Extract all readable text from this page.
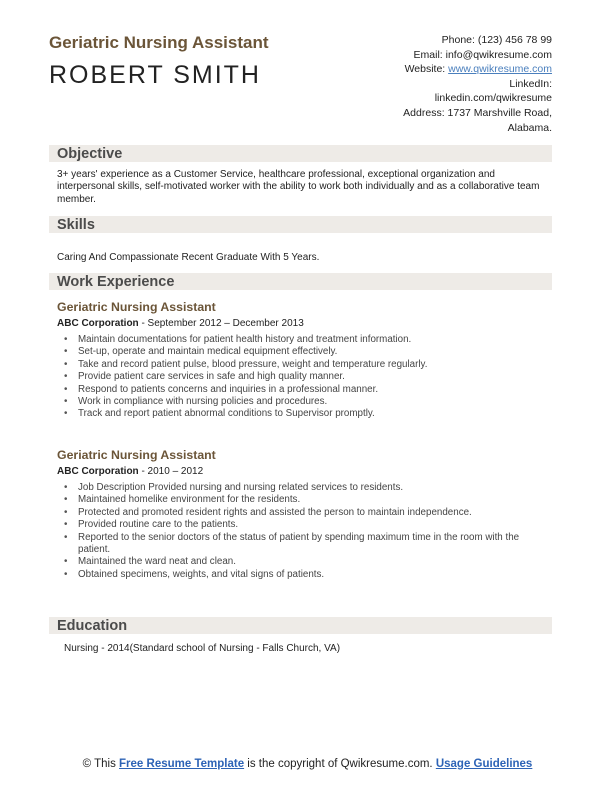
Geriatric Nursing Assistant
ROBERT SMITH
Phone: (123) 456 78 99
Email: info@qwikresume.com
Website: www.qwikresume.com
LinkedIn:
linkedin.com/qwikresume
Address: 1737 Marshville Road,
Alabama.
Objective
3+ years' experience as a Customer Service, healthcare professional, exceptional organization and interpersonal skills, self-motivated worker with the ability to work both individually and as a collaborative team member.
Skills
Caring And Compassionate Recent Graduate With 5 Years.
Work Experience
Geriatric Nursing Assistant
ABC Corporation - September 2012 – December 2013
• Maintain documentations for patient health history and treatment information.
• Set-up, operate and maintain medical equipment effectively.
• Take and record patient pulse, blood pressure, weight and temperature regularly.
• Provide patient care services in safe and high quality manner.
• Respond to patients concerns and inquiries in a professional manner.
• Work in compliance with nursing policies and procedures.
• Track and report patient abnormal conditions to Supervisor promptly.
Geriatric Nursing Assistant
ABC Corporation - 2010 – 2012
• Job Description Provided nursing and nursing related services to residents.
• Maintained homelike environment for the residents.
• Protected and promoted resident rights and assisted the person to maintain independence.
• Provided routine care to the patients.
• Reported to the senior doctors of the status of patient by spending maximum time in the room with the patient.
• Maintained the ward neat and clean.
• Obtained specimens, weights, and vital signs of patients.
Education
Nursing - 2014(Standard school of Nursing - Falls Church, VA)
© This Free Resume Template is the copyright of Qwikresume.com. Usage Guidelines
